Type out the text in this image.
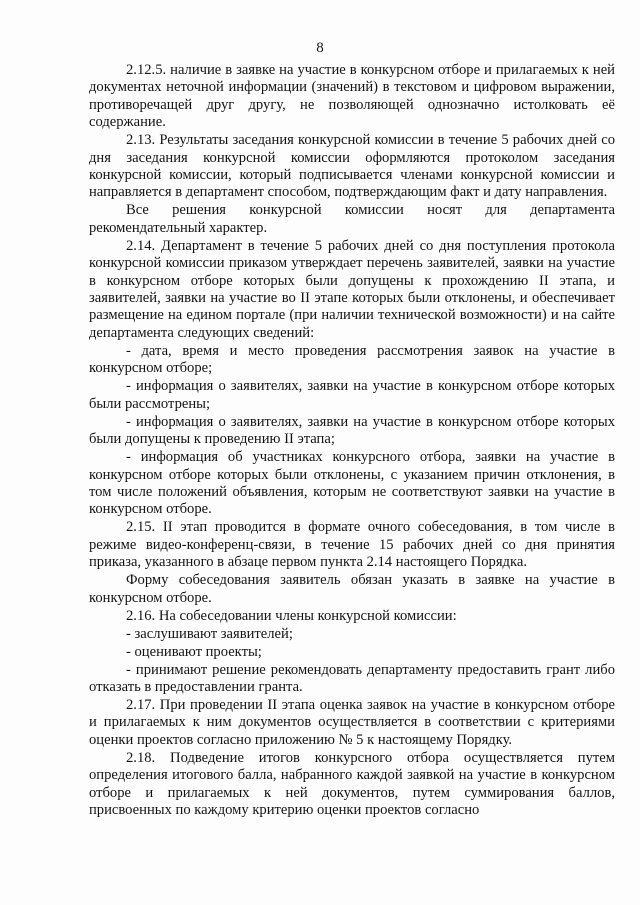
8

2.12.5. наличие в заявке на участие в конкурсном отборе и прилагаемых к ней документах неточной информации (значений) в текстовом и цифровом выражении, противоречащей друг другу, не позволяющей однозначно истолковать её содержание.

2.13. Результаты заседания конкурсной комиссии в течение 5 рабочих дней со дня заседания конкурсной комиссии оформляются протоколом заседания конкурсной комиссии, который подписывается членами конкурсной комиссии и направляется в департамент способом, подтверждающим факт и дату направления.

Все решения конкурсной комиссии носят для департамента рекомендательный характер.

2.14. Департамент в течение 5 рабочих дней со дня поступления протокола конкурсной комиссии приказом утверждает перечень заявителей, заявки на участие в конкурсном отборе которых были допущены к прохождению II этапа, и заявителей, заявки на участие во II этапе которых были отклонены, и обеспечивает размещение на едином портале (при наличии технической возможности) и на сайте департамента следующих сведений:

- дата, время и место проведения рассмотрения заявок на участие в конкурсном отборе;

- информация о заявителях, заявки на участие в конкурсном отборе которых были рассмотрены;

- информация о заявителях, заявки на участие в конкурсном отборе которых были допущены к проведению II этапа;

- информация об участниках конкурсного отбора, заявки на участие в конкурсном отборе которых были отклонены, с указанием причин отклонения, в том числе положений объявления, которым не соответствуют заявки на участие в конкурсном отборе.

2.15. II этап проводится в формате очного собеседования, в том числе в режиме видео-конференц-связи, в течение 15 рабочих дней со дня принятия приказа, указанного в абзаце первом пункта 2.14 настоящего Порядка.

Форму собеседования заявитель обязан указать в заявке на участие в конкурсном отборе.

2.16. На собеседовании члены конкурсной комиссии:

- заслушивают заявителей;

- оценивают проекты;

- принимают решение рекомендовать департаменту предоставить грант либо отказать в предоставлении гранта.

2.17. При проведении II этапа оценка заявок на участие в конкурсном отборе и прилагаемых к ним документов осуществляется в соответствии с критериями оценки проектов согласно приложению № 5 к настоящему Порядку.

2.18. Подведение итогов конкурсного отбора осуществляется путем определения итогового балла, набранного каждой заявкой на участие в конкурсном отборе и прилагаемых к ней документов, путем суммирования баллов, присвоенных по каждому критерию оценки проектов согласно
